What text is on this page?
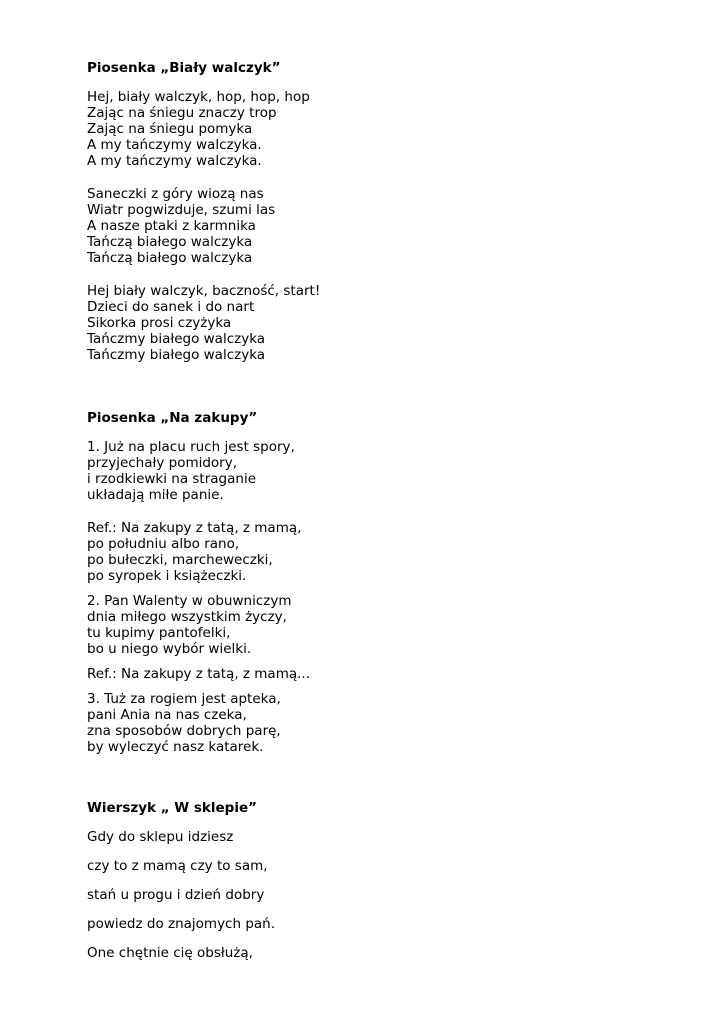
Piosenka „Biały walczyk”

Hej, biały walczyk, hop, hop, hop

Zając na śniegu znaczy trop

Zając na śniegu pomyka

A my tańczymy walczyka.

A my tańczymy walczyka.

Saneczki z góry wiozą nas

Wiatr pogwizduje, szumi las

A nasze ptaki z karmnika

Tańczą białego walczyka

Tańczą białego walczyka

Hej biały walczyk, baczność, start!

Dzieci do sanek i do nart

Sikorka prosi czyżyka

Tańczmy białego walczyka

Tańczmy białego walczyka

Piosenka „Na zakupy”

1. Już na placu ruch jest spory,

przyjechały pomidory,

i rzodkiewki na straganie

układają miłe panie.

Ref.: Na zakupy z tatą, z mamą,

po południu albo rano,

po bułeczki, marcheweczki,

po syropek i książeczki.

2. Pan Walenty w obuwniczym

dnia miłego wszystkim życzy,

tu kupimy pantofelki,

bo u niego wybór wielki.

Ref.: Na zakupy z tatą, z mamą...

3. Tuż za rogiem jest apteka,

pani Ania na nas czeka,

zna sposobów dobrych parę,

by wyleczyć nasz katarek.

Wierszyk „ W sklepie”

Gdy do sklepu idziesz

czy to z mamą czy to sam,

stań u progu i dzień dobry

powiedz do znajomych pań.

One chętnie cię obsłużą,
